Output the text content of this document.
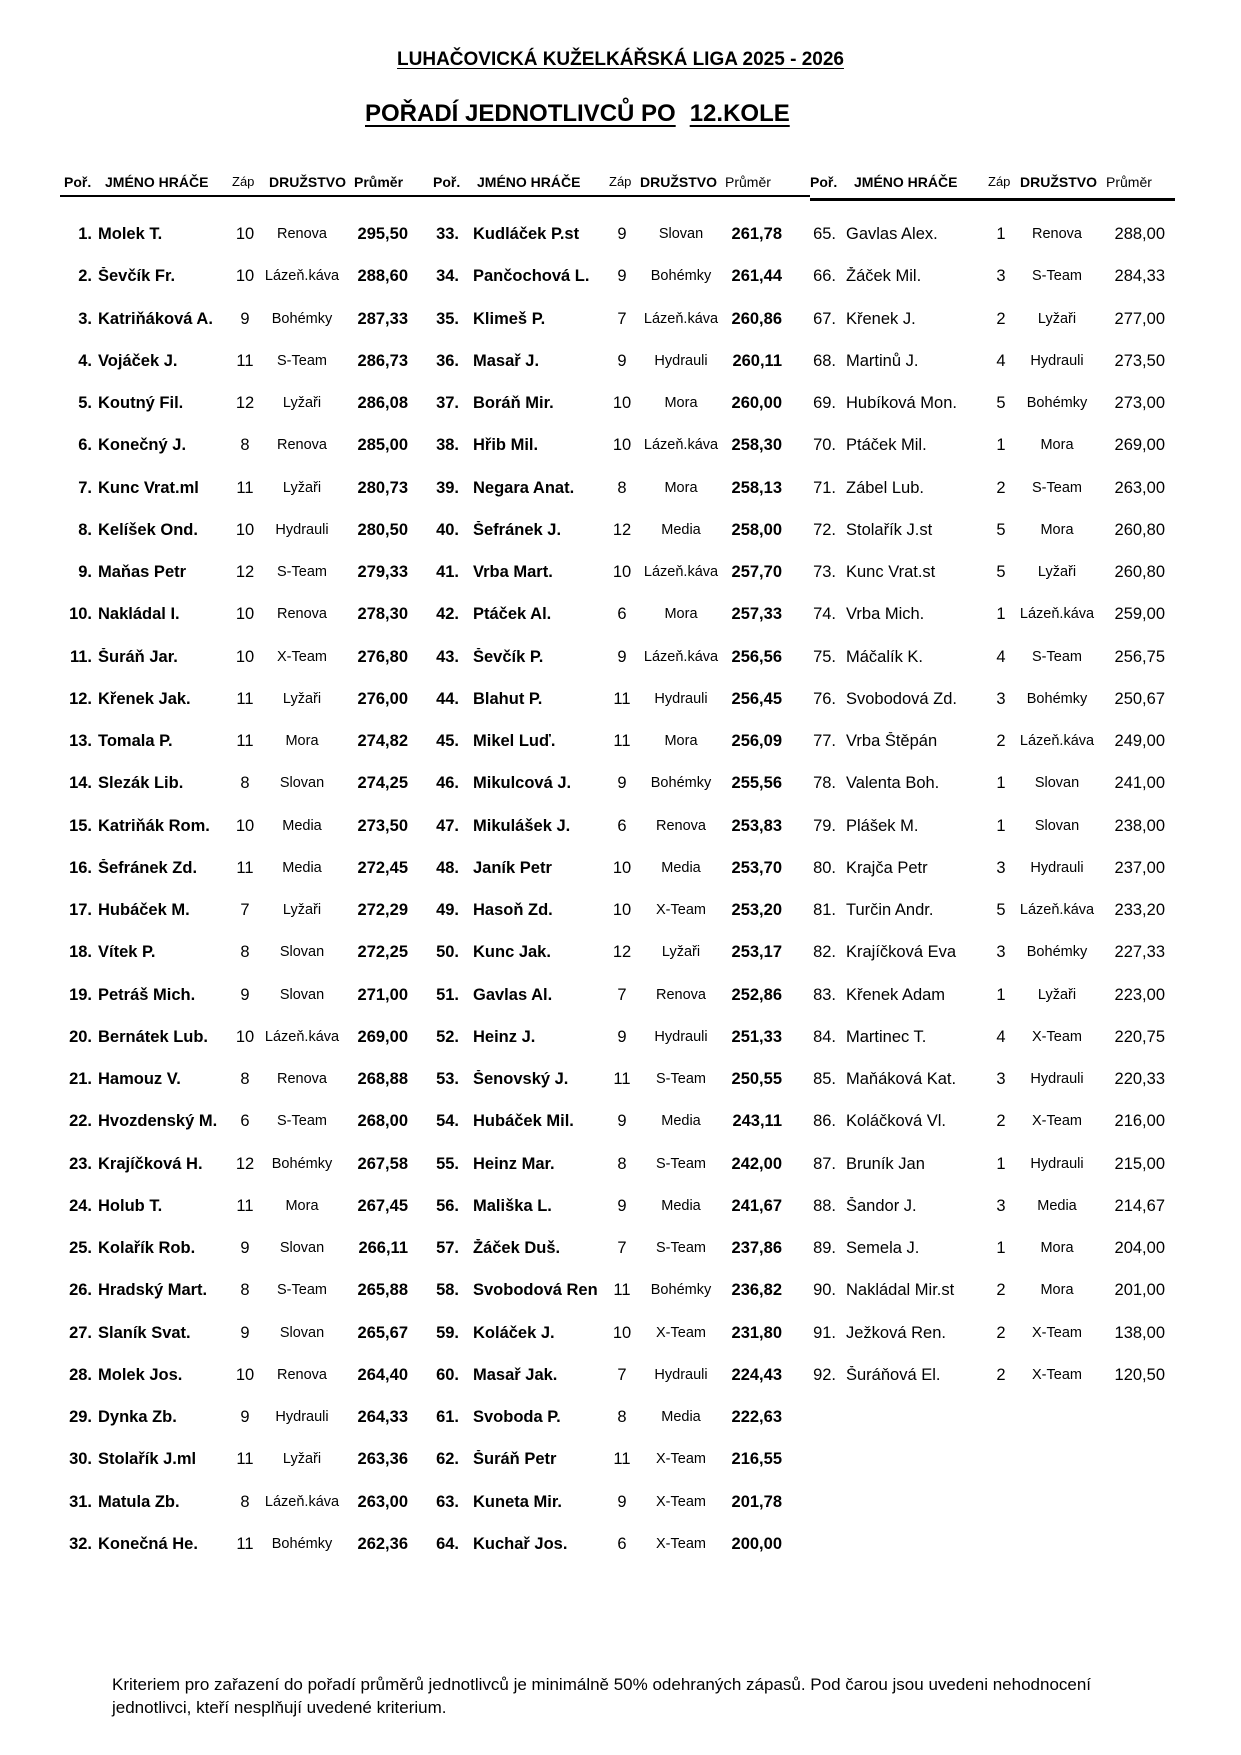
LUHAČOVICKÁ KUŽELKÁŘSKÁ LIGA 2025 - 2026
POŘADÍ JEDNOTLIVCŮ PO 12.KOLE
Poř. JMÉNO HRÁČE Záp DRUŽSTVO Průměr
1. Molek T.	10	Renova	295,50
2. Ševčík Fr.	10 Lázeň.káva	288,60
3. Katriňáková A.	9	Bohémky	287,33
4. Vojáček J.	11	S-Team	286,73
5. Koutný Fil.	12	Lyžaři	286,08
6. Konečný J.	8	Renova	285,00
7. Kunc Vrat.ml	11	Lyžaři	280,73
8. Kelíšek Ond.	10	Hydrauli	280,50
9. Maňas Petr	12	S-Team	279,33
10. Nakládal I.	10	Renova	278,30
11. Šuráň Jar.	10	X-Team	276,80
12. Křenek Jak.	11	Lyžaři	276,00
13. Tomala P.	11	Mora	274,82
14. Slezák Lib.	8	Slovan	274,25
15. Katriňák Rom.	10	Media	273,50
16. Šefránek Zd.	11	Media	272,45
17. Hubáček M.	7	Lyžaři	272,29
18. Vítek P.	8	Slovan	272,25
19. Petráš Mich.	9	Slovan	271,00
20. Bernátek Lub.	10 Lázeň.káva	269,00
21. Hamouz V.	8	Renova	268,88
22. Hvozdenský M.	6	S-Team	268,00
23. Krajíčková H.	12	Bohémky	267,58
24. Holub T.	11	Mora	267,45
25. Kolařík Rob.	9	Slovan	266,11
26. Hradský Mart.	8	S-Team	265,88
27. Slaník Svat.	9	Slovan	265,67
28. Molek Jos.	10	Renova	264,40
29. Dynka Zb.	9	Hydrauli	264,33
30. Stolařík J.ml	11	Lyžaři	263,36
31. Matula Zb.	8	Lázeň.káva	263,00
32. Konečná He.	11	Bohémky	262,36
Poř. JMÉNO HRÁČE Záp DRUŽSTVO Průměr
33. Kudláček P.st	9	Slovan	261,78
34. Pančochová L.	9	Bohémky	261,44
35. Klimeš P.	7	Lázeň.káva 260,86
36. Masař J.	9	Hydrauli	260,11
37. Boráň Mir.	10	Mora	260,00
38. Hřib Mil.	10 Lázeň.káva 258,30
39. Negara Anat.	8	Mora	258,13
40. Šefránek J.	12	Media	258,00
41. Vrba Mart.	10 Lázeň.káva 257,70
42. Ptáček Al.	6	Mora	257,33
43. Ševčík P.	9	Lázeň.káva 256,56
44. Blahut P.	11	Hydrauli	256,45
45. Mikel Luď.	11	Mora	256,09
46. Mikulcová J.	9	Bohémky	255,56
47. Mikulášek J.	6	Renova	253,83
48. Janík Petr	10	Media	253,70
49. Hasoň Zd.	10	X-Team	253,20
50. Kunc Jak.	12	Lyžaři	253,17
51. Gavlas Al.	7	Renova	252,86
52. Heinz J.	9	Hydrauli	251,33
53. Šenovský J.	11	S-Team	250,55
54. Hubáček Mil.	9	Media	243,11
55. Heinz Mar.	8	S-Team	242,00
56. Mališka L.	9	Media	241,67
57. Žáček Duš.	7	S-Team	237,86
58. Svobodová Ren 11	Bohémky	236,82
59. Koláček J.	10	X-Team	231,80
60. Masař Jak.	7	Hydrauli	224,43
61. Svoboda P.	8	Media	222,63
62. Šuráň Petr	11	X-Team	216,55
63. Kuneta Mir.	9	X-Team	201,78
64. Kuchař Jos.	6	X-Team	200,00
Poř. JMÉNO HRÁČE Záp DRUŽSTVO Průměr
65. Gavlas Alex.	1	Renova	288,00
66. Žáček Mil.	3	S-Team	284,33
67. Křenek J.	2	Lyžaři	277,00
68. Martinů J.	4	Hydrauli	273,50
69. Hubíková Mon.	5	Bohémky	273,00
70. Ptáček Mil.	1	Mora	269,00
71. Zábel Lub.	2	S-Team	263,00
72. Stolařík J.st	5	Mora	260,80
73. Kunc Vrat.st	5	Lyžaři	260,80
74. Vrba Mich.	1 Lázeň.káva	259,00
75. Máčalík K.	4	S-Team	256,75
76. Svobodová Zd.	3	Bohémky	250,67
77. Vrba Štěpán	2 Lázeň.káva	249,00
78. Valenta Boh.	1	Slovan	241,00
79. Plášek M.	1	Slovan	238,00
80. Krajča Petr	3	Hydrauli	237,00
81. Turčin Andr.	5 Lázeň.káva	233,20
82. Krajíčková Eva	3	Bohémky	227,33
83. Křenek Adam	1	Lyžaři	223,00
84. Martinec T.	4	X-Team	220,75
85. Maňáková Kat.	3	Hydrauli	220,33
86. Koláčková Vl.	2	X-Team	216,00
87. Bruník Jan	1	Hydrauli	215,00
88. Šandor J.	3	Media	214,67
89. Semela J.	1	Mora	204,00
90. Nakládal Mir.st	2	Mora	201,00
91. Ježková Ren.	2	X-Team	138,00
92. Šuráňová El.	2	X-Team	120,50
Kriteriem pro zařazení do pořadí průměrů jednotlivců je minimálně 50% odehraných zápasů. Pod čarou jsou uvedeni nehodnocení jednotlivci, kteří nesplňují uvedené kriterium.
